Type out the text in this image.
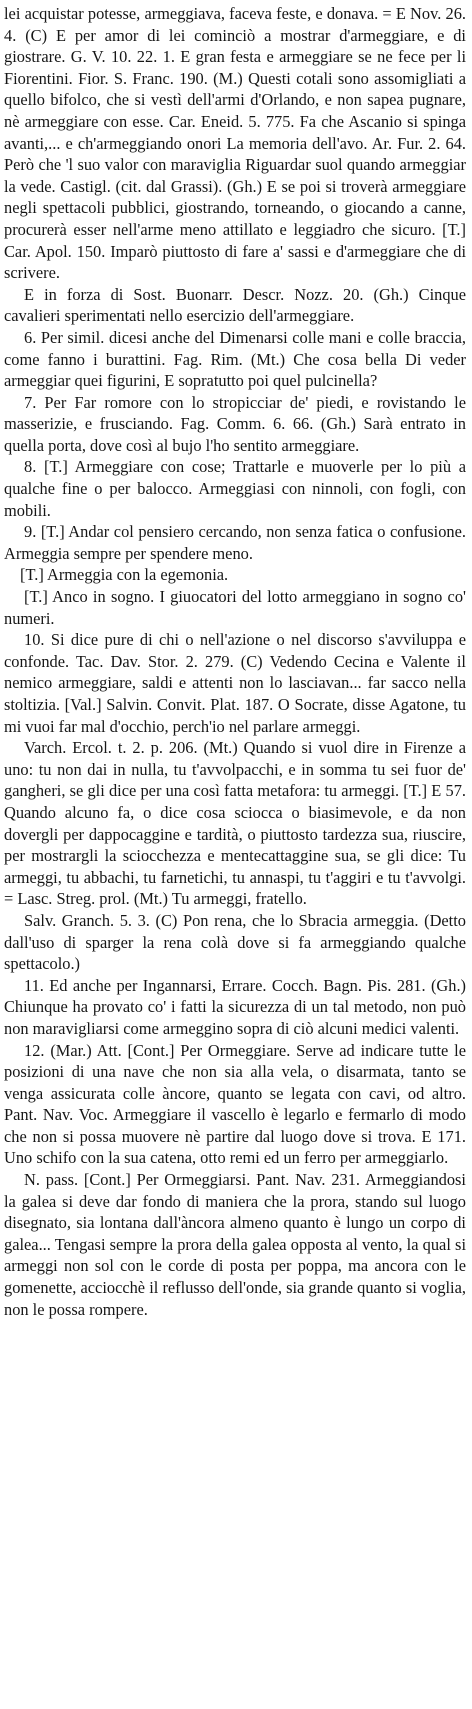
lei acquistar potesse, armeggiava, faceva feste, e donava. = E Nov. 26. 4. (C) E per amor di lei cominciò a mostrar d'armeggiare, e di giostrare. G. V. 10. 22. 1. E gran festa e armeggiare se ne fece per li Fiorentini. Fior. S. Franc. 190. (M.) Questi cotali sono assomigliati a quello bifolco, che si vestì dell'armi d'Orlando, e non sapea pugnare, nè armeggiare con esse. Car. Eneid. 5. 775. Fa che Ascanio si spinga avanti,... e ch'armeggiando onori La memoria dell'avo. Ar. Fur. 2. 64. Però che 'l suo valor con maraviglia Riguardar suol quando armeggiar la vede. Castigl. (cit. dal Grassi). (Gh.) E se poi si troverà armeggiare negli spettacoli pubblici, giostrando, torneando, o giocando a canne, procurerà esser nell'arme meno attillato e leggiadro che sicuro. [T.] Car. Apol. 150. Imparò piuttosto di fare a' sassi e d'armeggiare che di scrivere.

E in forza di Sost. Buonarr. Descr. Nozz. 20. (Gh.) Cinque cavalieri sperimentati nello esercizio dell'armeggiare.

6. Per simil. dicesi anche del Dimenarsi colle mani e colle braccia, come fanno i burattini. Fag. Rim. (Mt.) Che cosa bella Di veder armeggiar quei figurini, E sopratutto poi quel pulcinella?

7. Per Far romore con lo stropicciar de' piedi, e rovistando le masserizie, e frusciando. Fag. Comm. 6. 66. (Gh.) Sarà entrato in quella porta, dove così al bujo l'ho sentito armeggiare.

8. [T.] Armeggiare con cose; Trattarle e muoverle per lo più a qualche fine o per balocco. Armeggiasi con ninnoli, con fogli, con mobili.

9. [T.] Andar col pensiero cercando, non senza fatica o confusione. Armeggia sempre per spendere meno.

[T.] Armeggia con la egemonia.

[T.] Anco in sogno. I giuocatori del lotto armeggiano in sogno co' numeri.

10. Si dice pure di chi o nell'azione o nel discorso s'avviluppa e confonde. Tac. Dav. Stor. 2. 279. (C) Vedendo Cecina e Valente il nemico armeggiare, saldi e attenti non lo lasciavan... far sacco nella stoltizia. [Val.] Salvin. Convit. Plat. 187. O Socrate, disse Agatone, tu mi vuoi far mal d'occhio, perch'io nel parlare armeggi.

Varch. Ercol. t. 2. p. 206. (Mt.) Quando si vuol dire in Firenze a uno: tu non dai in nulla, tu t'avvolpacchi, e in somma tu sei fuor de' gangheri, se gli dice per una così fatta metafora: tu armeggi. [T.] E 57. Quando alcuno fa, o dice cosa sciocca o biasimevole, e da non dovergli per dappocaggine e tardità, o piuttosto tardezza sua, riuscire, per mostrargli la sciocchezza e mentecattaggine sua, se gli dice: Tu armeggi, tu abbachi, tu farnetichi, tu annaspi, tu t'aggiri e tu t'avvolgi. = Lasc. Streg. prol. (Mt.) Tu armeggi, fratello.

Salv. Granch. 5. 3. (C) Pon rena, che lo Sbracia armeggia. (Detto dall'uso di sparger la rena colà dove si fa armeggiando qualche spettacolo.)

11. Ed anche per Ingannarsi, Errare. Cocch. Bagn. Pis. 281. (Gh.) Chiunque ha provato co' i fatti la sicurezza di un tal metodo, non può non maravigliarsi come armeggino sopra di ciò alcuni medici valenti.

12. (Mar.) Att. [Cont.] Per Ormeggiare. Serve ad indicare tutte le posizioni di una nave che non sia alla vela, o disarmata, tanto se venga assicurata colle àncore, quanto se legata con cavi, od altro. Pant. Nav. Voc. Armeggiare il vascello è legarlo e fermarlo di modo che non si possa muovere nè partire dal luogo dove si trova. E 171. Uno schifo con la sua catena, otto remi ed un ferro per armeggiarlo.

N. pass. [Cont.] Per Ormeggiarsi. Pant. Nav. 231. Armeggiandosi la galea si deve dar fondo di maniera che la prora, stando sul luogo disegnato, sia lontana dall'àncora almeno quanto è lungo un corpo di galea... Tengasi sempre la prora della galea opposta al vento, la qual si armeggi non sol con le corde di posta per poppa, ma ancora con le gomenette, acciocchè il reflusso dell'onde, sia grande quanto si voglia, non le possa rompere.
